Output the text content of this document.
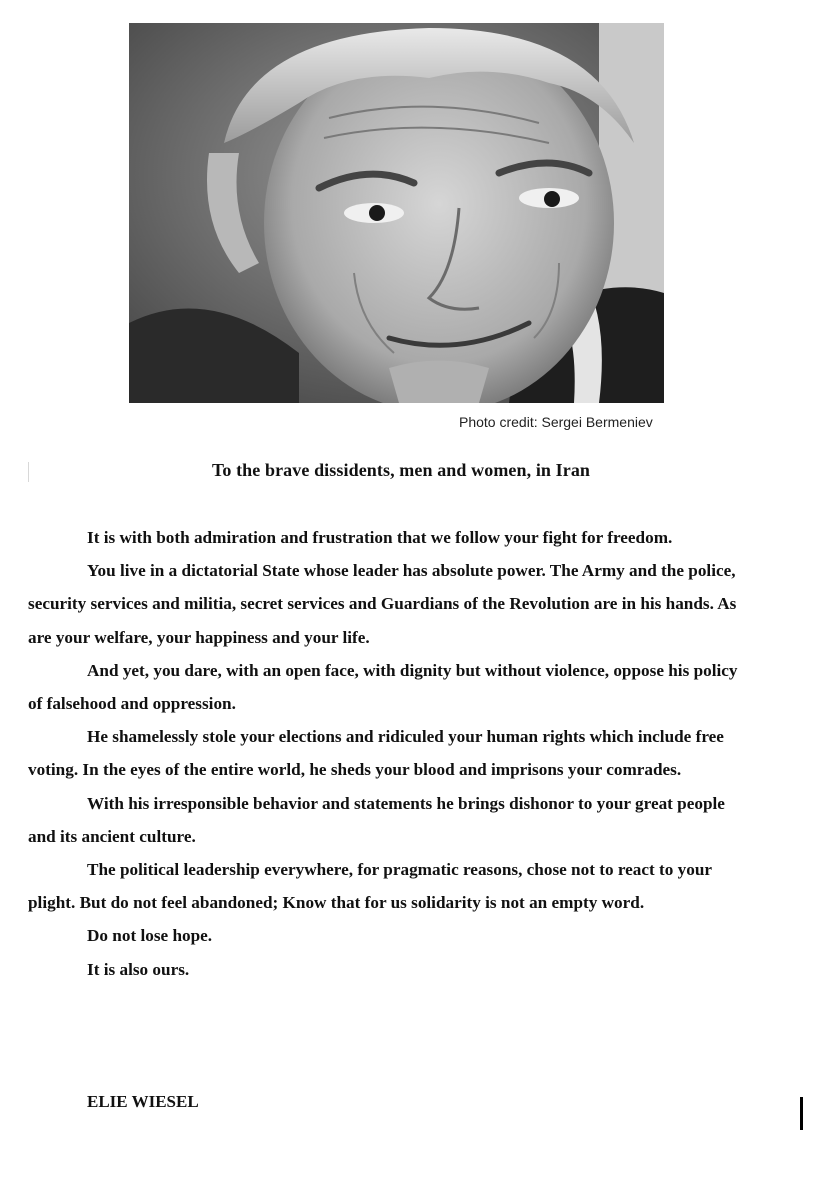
Photo credit: Sergei Bermeniev
To the brave dissidents, men and women, in Iran

It is with both admiration and frustration that we follow your fight for freedom.

You live in a dictatorial State whose leader has absolute power. The Army and the police, security services and militia, secret services and Guardians of the Revolution are in his hands. As are your welfare, your happiness and your life.

And yet, you dare, with an open face, with dignity but without violence, oppose his policy of falsehood and oppression.

He shamelessly stole your elections and ridiculed your human rights which include free voting. In the eyes of the entire world, he sheds your blood and imprisons your comrades.

With his irresponsible behavior and statements he brings dishonor to your great people and its ancient culture.

The political leadership everywhere, for pragmatic reasons, chose not to react to your plight. But do not feel abandoned; Know that for us solidarity is not an empty word.

Do not lose hope.

It is also ours.

ELIE WIESEL
